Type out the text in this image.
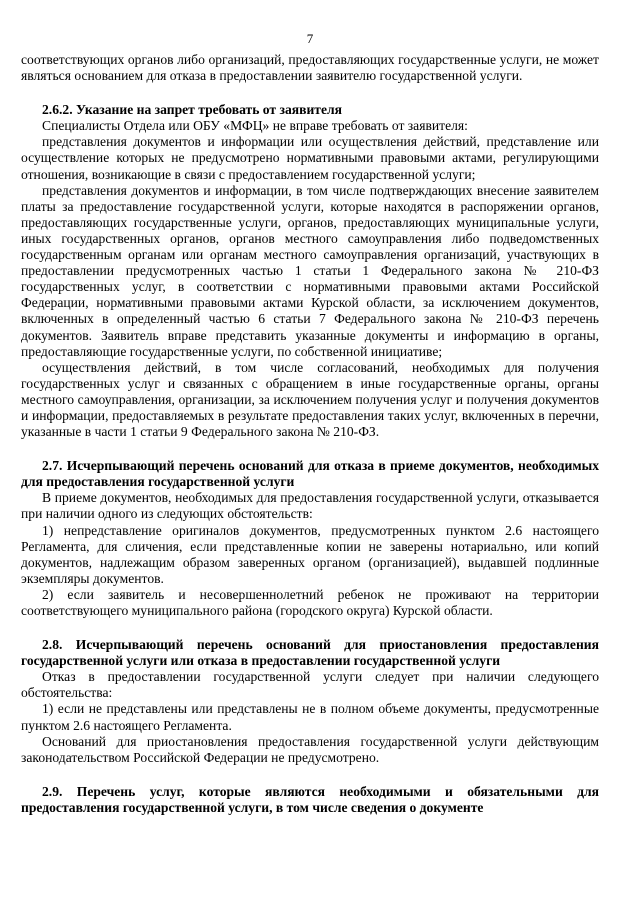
7

соответствующих органов либо организаций, предоставляющих государственные услуги, не может являться основанием для отказа в предоставлении заявителю государственной услуги.

2.6.2. Указание на запрет требовать от заявителя

Специалисты Отдела или ОБУ «МФЦ» не вправе требовать от заявителя:

представления документов и информации или осуществления действий, представление или осуществление которых не предусмотрено нормативными правовыми актами, регулирующими отношения, возникающие в связи с предоставлением государственной услуги;

представления документов и информации, в том числе подтверждающих внесение заявителем платы за предоставление государственной услуги, которые находятся в распоряжении органов, предоставляющих государственные услуги, органов, предоставляющих муниципальные услуги, иных государственных органов, органов местного самоуправления либо подведомственных государственным органам или органам местного самоуправления организаций, участвующих в предоставлении предусмотренных частью 1 статьи 1 Федерального закона № 210-ФЗ государственных услуг, в соответствии с нормативными правовыми актами Российской Федерации, нормативными правовыми актами Курской области, за исключением документов, включенных в определенный частью 6 статьи 7 Федерального закона № 210-ФЗ перечень документов. Заявитель вправе представить указанные документы и информацию в органы, предоставляющие государственные услуги, по собственной инициативе;

осуществления действий, в том числе согласований, необходимых для получения государственных услуг и связанных с обращением в иные государственные органы, органы местного самоуправления, организации, за исключением получения услуг и получения документов и информации, предоставляемых в результате предоставления таких услуг, включенных в перечни, указанные в части 1 статьи 9 Федерального закона № 210-ФЗ.

2.7. Исчерпывающий перечень оснований для отказа в приеме документов, необходимых для предоставления государственной услуги

В приеме документов, необходимых для предоставления государственной услуги, отказывается при наличии одного из следующих обстоятельств:

1) непредставление оригиналов документов, предусмотренных пунктом 2.6 настоящего Регламента, для сличения, если представленные копии не заверены нотариально, или копий документов, надлежащим образом заверенных органом (организацией), выдавшей подлинные экземпляры документов.

2) если заявитель и несовершеннолетний ребенок не проживают на территории соответствующего муниципального района (городского округа) Курской области.

2.8. Исчерпывающий перечень оснований для приостановления предоставления государственной услуги или отказа в предоставлении государственной услуги

Отказ в предоставлении государственной услуги следует при наличии следующего обстоятельства:

1) если не представлены или представлены не в полном объеме документы, предусмотренные пунктом 2.6 настоящего Регламента.

Оснований для приостановления предоставления государственной услуги действующим законодательством Российской Федерации не предусмотрено.

2.9. Перечень услуг, которые являются необходимыми и обязательными для предоставления государственной услуги, в том числе сведения о документе
